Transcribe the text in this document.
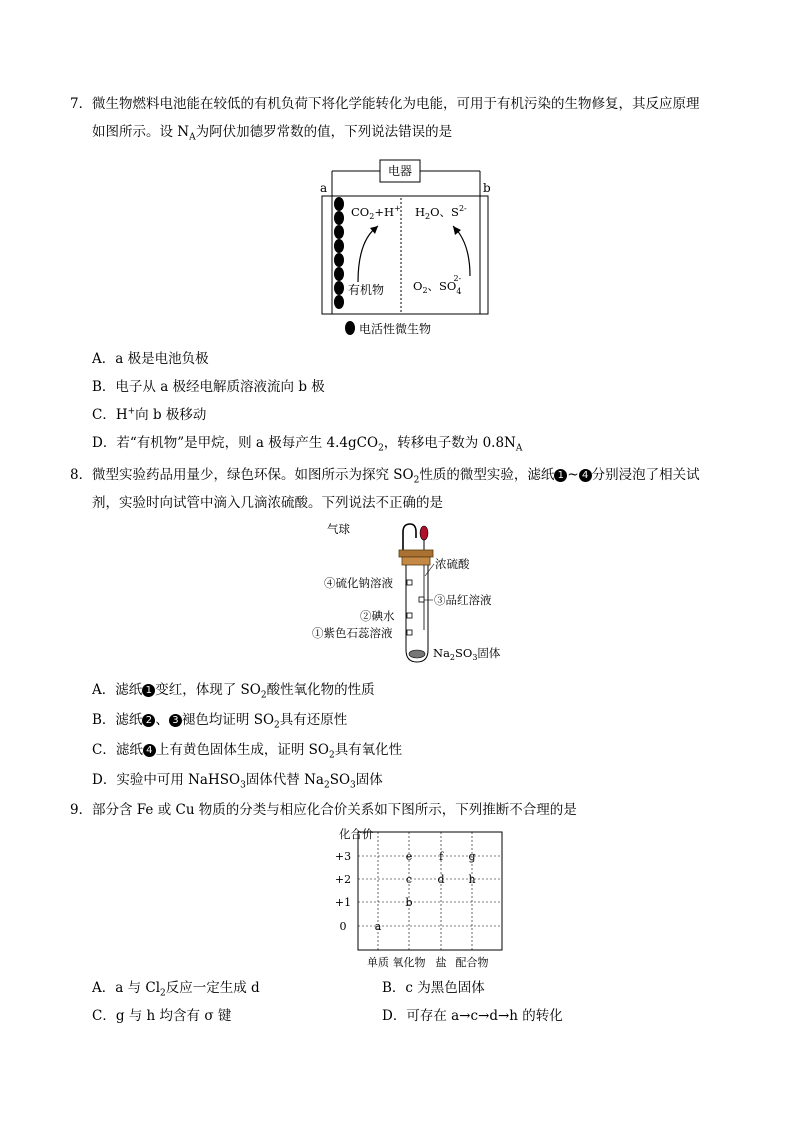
7． 微生物燃料电池能在较低的有机负荷下将化学能转化为电能，可用于有机污染的生物修复，其反应原理
如图所示。设 $N_A$为阿伏加德罗常数的值，下列说法错误的是
电器
a	b
$CO_2+H^+$
有机物
$H_2O$、$S^{2-}$
$O_2$、$SO_42-$
电活性微生物
A．a 极是电池负极
B．电子从 a 极经电解质溶液流向 b 极
C．H+向 b 极移动
D．若“有机物”是甲烷，则 a 极每产生 4.4gCO$_2$，转移电子数为 $0.8N_A$
8． 微型实验药品用量少，绿色环保。如图所示为探究 $SO_2$性质的微型实验，滤纸 1 ~ 4 分别浸泡了相关试
剂，实验时向试管中滴入几滴浓硫酸。下列说法不正确的是
气球
浓硫酸
④硫化钠溶液
③品红溶液
②碘水
①紫色石蕊溶液
$Na_2SO_3$固体
A．滤纸 1 变红，体现了 $SO_2$酸性氧化物的性质
B．滤纸 2 、 3 褪色均证明 $SO_2$具有还原性
C．滤纸 4 上有黄色固体生成，证明 $SO_2$具有氧化性
D．实验中可用 NaHSO$_3$固体代替 $Na_2SO_3$固体
9． 部分含 Fe 或 Cu 物质的分类与相应化合价关系如下图所示，下列推断不合理的是
化合价
+3
+2
+1
0
单质 氧化物 盐 配合物
a
b
c
e
d
f
h
g
A．a 与 $Cl_2$反应一定生成 d	B．c 为黑色固体
C．g 与 h 均含有 σ 键	D．可存在 a→c→d→h 的转化
